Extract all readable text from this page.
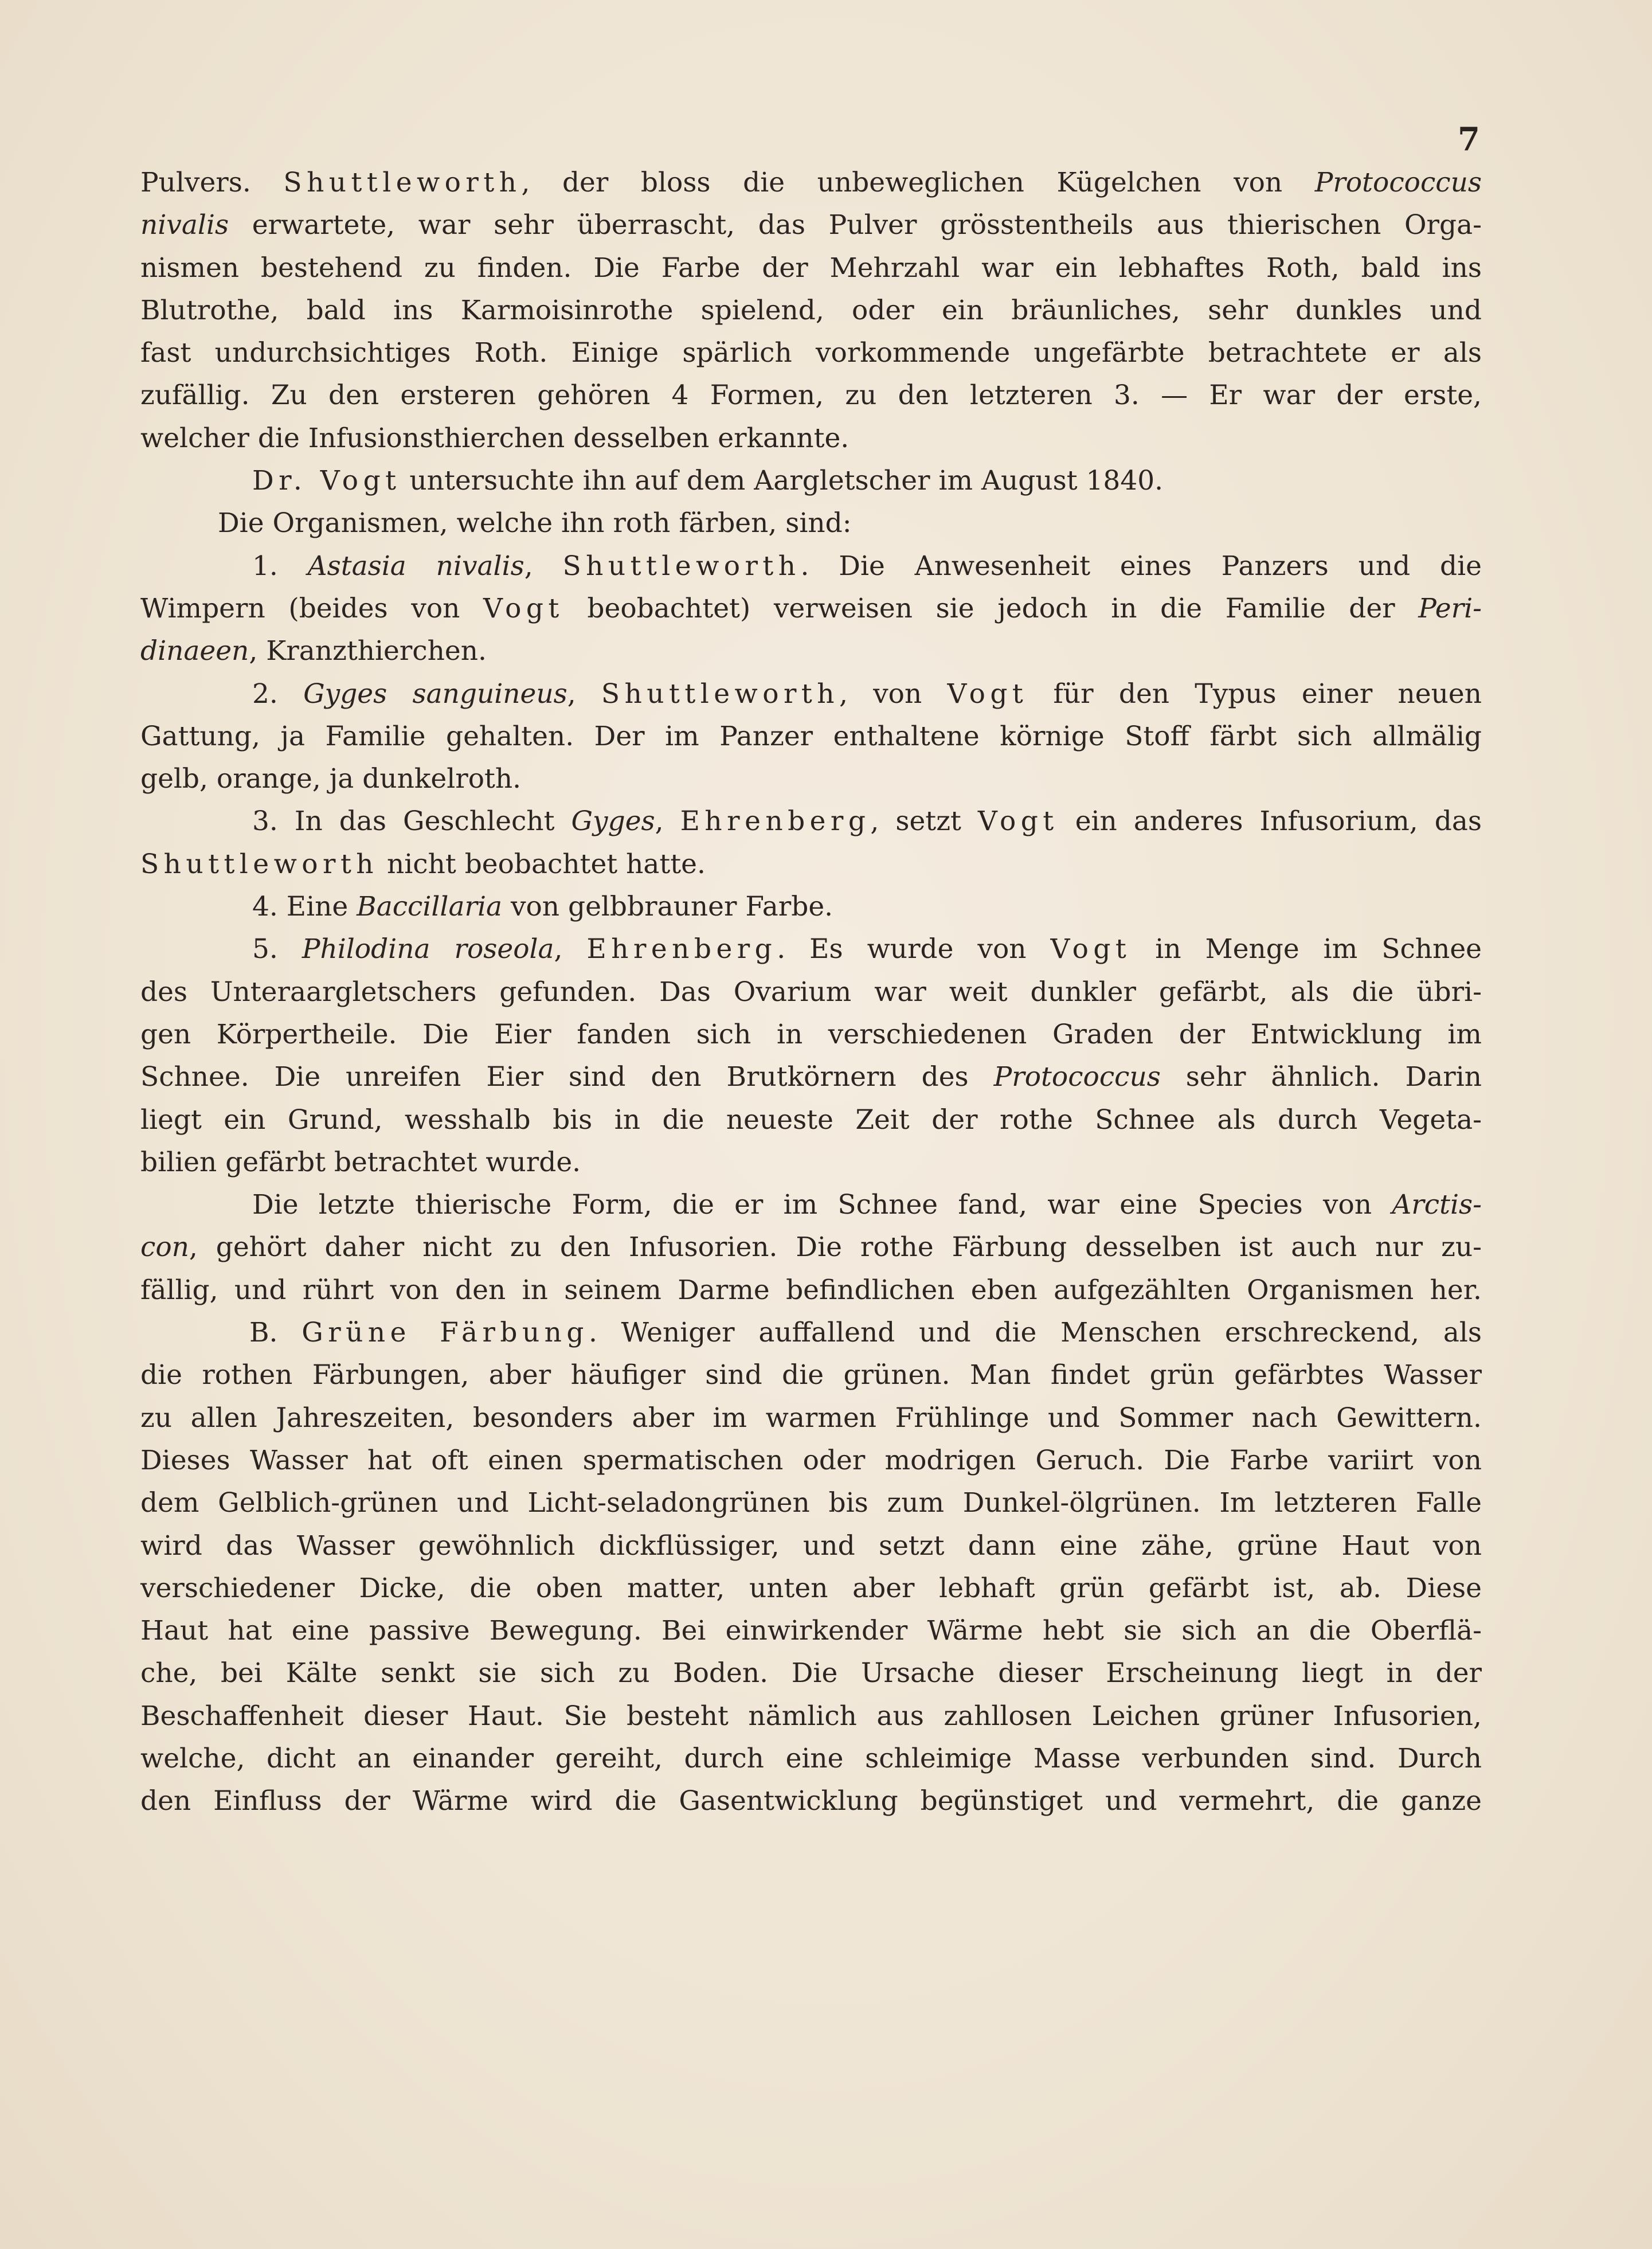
7
Pulvers. Shuttleworth, der bloss die unbeweglichen Kügelchen von Protococcus
nivalis erwartete, war sehr überrascht, das Pulver grösstentheils aus thierischen Orga-
nismen bestehend zu finden. Die Farbe der Mehrzahl war ein lebhaftes Roth, bald ins
Blutrothe, bald ins Karmoisinrothe spielend, oder ein bräunliches, sehr dunkles und
fast undurchsichtiges Roth. Einige spärlich vorkommende ungefärbte betrachtete er als
zufällig. Zu den ersteren gehören 4 Formen, zu den letzteren 3. — Er war der erste,
welcher die Infusionsthierchen desselben erkannte.
Dr. Vogt untersuchte ihn auf dem Aargletscher im August 1840.
Die Organismen, welche ihn roth färben, sind:
1. Astasia nivalis, Shuttleworth. Die Anwesenheit eines Panzers und die
Wimpern (beides von Vogt beobachtet) verweisen sie jedoch in die Familie der Peri-
dinaeen, Kranzthierchen.
2. Gyges sanguineus, Shuttleworth, von Vogt für den Typus einer neuen
Gattung, ja Familie gehalten. Der im Panzer enthaltene körnige Stoff färbt sich allmälig
gelb, orange, ja dunkelroth.
3. In das Geschlecht Gyges, Ehrenberg, setzt Vogt ein anderes Infusorium, das
Shuttleworth nicht beobachtet hatte.
4. Eine Baccillaria von gelbbrauner Farbe.
5. Philodina roseola, Ehrenberg. Es wurde von Vogt in Menge im Schnee
des Unteraargletschers gefunden. Das Ovarium war weit dunkler gefärbt, als die übri-
gen Körpertheile. Die Eier fanden sich in verschiedenen Graden der Entwicklung im
Schnee. Die unreifen Eier sind den Brutkörnern des Protococcus sehr ähnlich. Darin
liegt ein Grund, wesshalb bis in die neueste Zeit der rothe Schnee als durch Vegeta-
bilien gefärbt betrachtet wurde.
Die letzte thierische Form, die er im Schnee fand, war eine Species von Arctis-
con, gehört daher nicht zu den Infusorien. Die rothe Färbung desselben ist auch nur zu-
fällig, und rührt von den in seinem Darme befindlichen eben aufgezählten Organismen her.
B. Grüne Färbung. Weniger auffallend und die Menschen erschreckend, als
die rothen Färbungen, aber häufiger sind die grünen. Man findet grün gefärbtes Wasser
zu allen Jahreszeiten, besonders aber im warmen Frühlinge und Sommer nach Gewittern.
Dieses Wasser hat oft einen spermatischen oder modrigen Geruch. Die Farbe variirt von
dem Gelblich-grünen und Licht-seladongrünen bis zum Dunkel-ölgrünen. Im letzteren Falle
wird das Wasser gewöhnlich dickflüssiger, und setzt dann eine zähe, grüne Haut von
verschiedener Dicke, die oben matter, unten aber lebhaft grün gefärbt ist, ab. Diese
Haut hat eine passive Bewegung. Bei einwirkender Wärme hebt sie sich an die Oberflä-
che, bei Kälte senkt sie sich zu Boden. Die Ursache dieser Erscheinung liegt in der
Beschaffenheit dieser Haut. Sie besteht nämlich aus zahllosen Leichen grüner Infusorien,
welche, dicht an einander gereiht, durch eine schleimige Masse verbunden sind. Durch
den Einfluss der Wärme wird die Gasentwicklung begünstiget und vermehrt, die ganze
